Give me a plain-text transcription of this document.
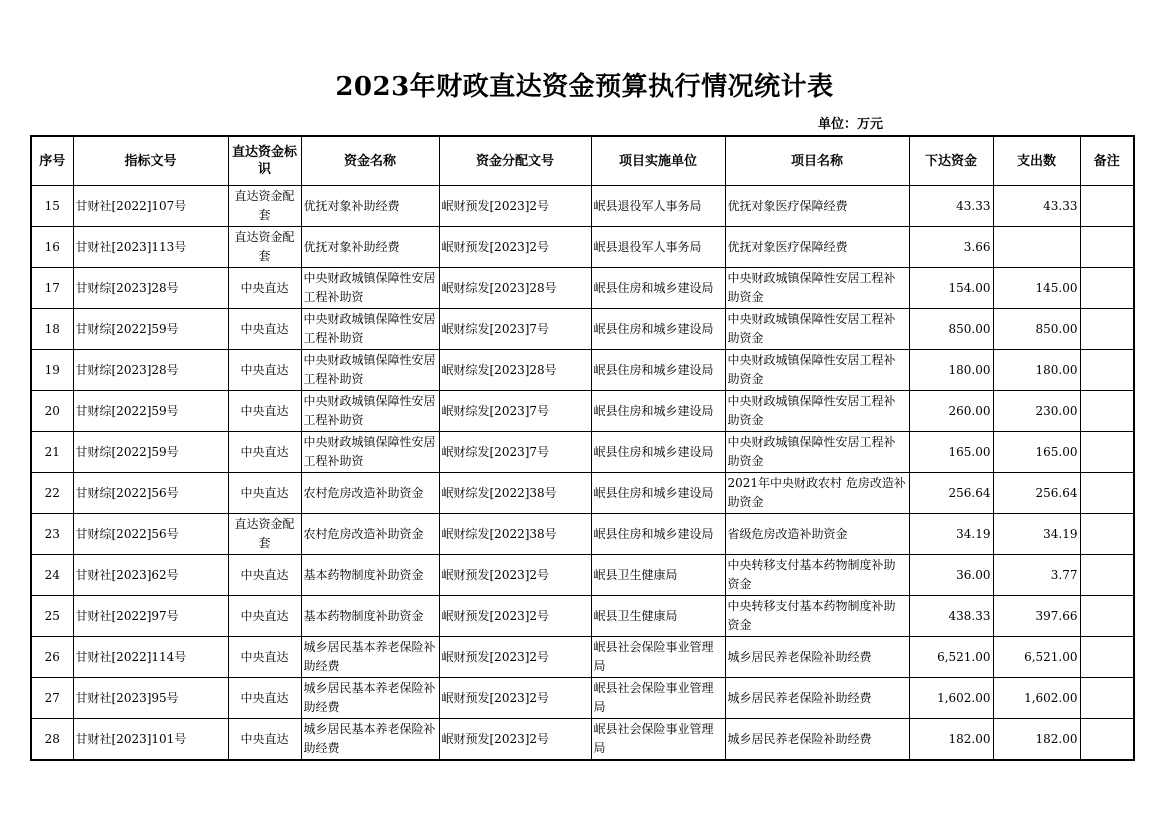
2023年财政直达资金预算执行情况统计表
单位：万元
序号	指标文号	直达资金标识	资金名称	资金分配文号	项目实施单位	项目名称	下达资金	支出数	备注
15	甘财社[2022]107号	直达资金配套	优抚对象补助经费	岷财预发[2023]2号	岷县退役军人事务局	优抚对象医疗保障经费	43.33	43.33	
16	甘财社[2023]113号	直达资金配套	优抚对象补助经费	岷财预发[2023]2号	岷县退役军人事务局	优抚对象医疗保障经费	3.66		
17	甘财综[2023]28号	中央直达	中央财政城镇保障性安居工程补助资	岷财综发[2023]28号	岷县住房和城乡建设局	中央财政城镇保障性安居工程补助资金	154.00	145.00	
18	甘财综[2022]59号	中央直达	中央财政城镇保障性安居工程补助资	岷财综发[2023]7号	岷县住房和城乡建设局	中央财政城镇保障性安居工程补助资金	850.00	850.00	
19	甘财综[2023]28号	中央直达	中央财政城镇保障性安居工程补助资	岷财综发[2023]28号	岷县住房和城乡建设局	中央财政城镇保障性安居工程补助资金	180.00	180.00	
20	甘财综[2022]59号	中央直达	中央财政城镇保障性安居工程补助资	岷财综发[2023]7号	岷县住房和城乡建设局	中央财政城镇保障性安居工程补助资金	260.00	230.00	
21	甘财综[2022]59号	中央直达	中央财政城镇保障性安居工程补助资	岷财综发[2023]7号	岷县住房和城乡建设局	中央财政城镇保障性安居工程补助资金	165.00	165.00	
22	甘财综[2022]56号	中央直达	农村危房改造补助资金	岷财综发[2022]38号	岷县住房和城乡建设局	2021年中央财政农村 危房改造补助资金	256.64	256.64	
23	甘财综[2022]56号	直达资金配套	农村危房改造补助资金	岷财综发[2022]38号	岷县住房和城乡建设局	省级危房改造补助资金	34.19	34.19	
24	甘财社[2023]62号	中央直达	基本药物制度补助资金	岷财预发[2023]2号	岷县卫生健康局	中央转移支付基本药物制度补助资金	36.00	3.77	
25	甘财社[2022]97号	中央直达	基本药物制度补助资金	岷财预发[2023]2号	岷县卫生健康局	中央转移支付基本药物制度补助资金	438.33	397.66	
26	甘财社[2022]114号	中央直达	城乡居民基本养老保险补助经费	岷财预发[2023]2号	岷县社会保险事业管理局	城乡居民养老保险补助经费	6,521.00	6,521.00	
27	甘财社[2023]95号	中央直达	城乡居民基本养老保险补助经费	岷财预发[2023]2号	岷县社会保险事业管理局	城乡居民养老保险补助经费	1,602.00	1,602.00	
28	甘财社[2023]101号	中央直达	城乡居民基本养老保险补助经费	岷财预发[2023]2号	岷县社会保险事业管理局	城乡居民养老保险补助经费	182.00	182.00	
